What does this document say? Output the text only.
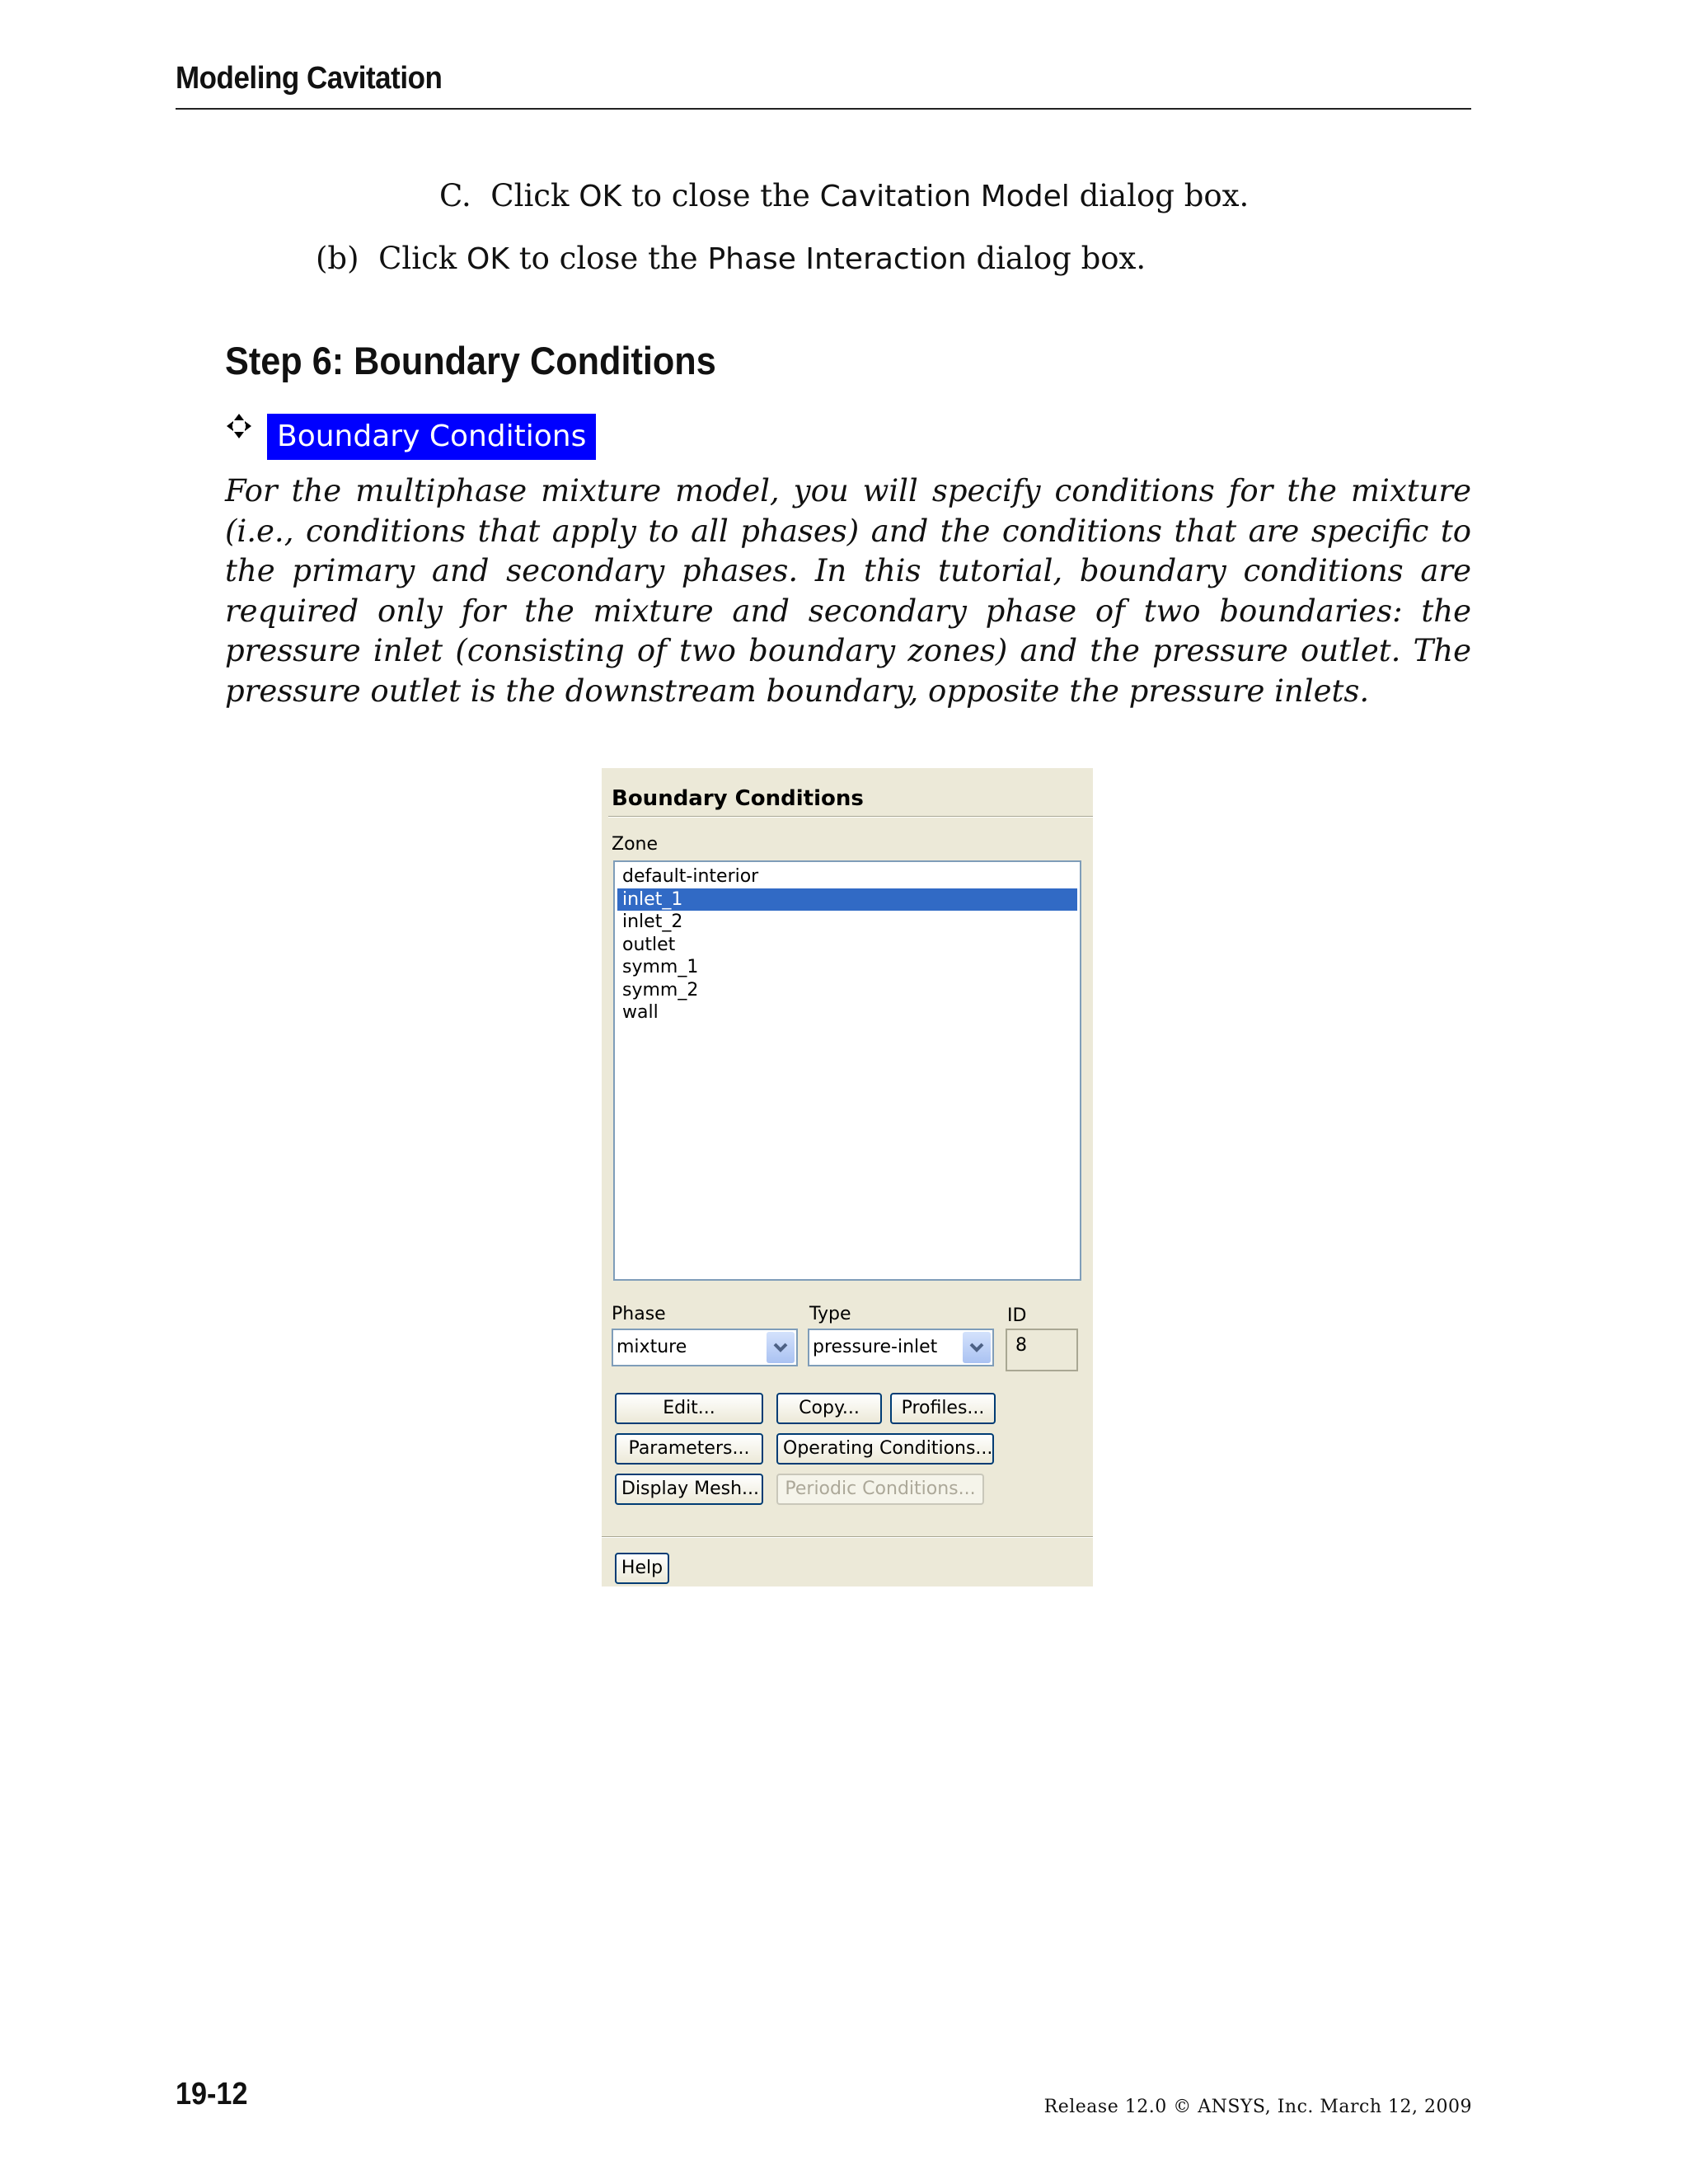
Modeling Cavitation
C. Click OK to close the Cavitation Model dialog box.
(b) Click OK to close the Phase Interaction dialog box.
Step 6: Boundary Conditions
Boundary Conditions
For the multiphase mixture model, you will specify conditions for the mixture (i.e., conditions that apply to all phases) and the conditions that are specific to the primary and secondary phases. In this tutorial, boundary conditions are required only for the mixture and secondary phase of two boundaries: the pressure inlet (consisting of two boundary zones) and the pressure outlet. The pressure outlet is the downstream boundary, opposite the pressure inlets.
Boundary Conditions
Zone
default-interior
inlet_1
inlet_2
outlet
symm_1
symm_2
wall
Phase	Type	ID
mixture	pressure-inlet	8
Edit...	Copy...	Profiles...
Parameters...	Operating Conditions...
Display Mesh...	Periodic Conditions...
Help
19-12	Release 12.0 © ANSYS, Inc. March 12, 2009
